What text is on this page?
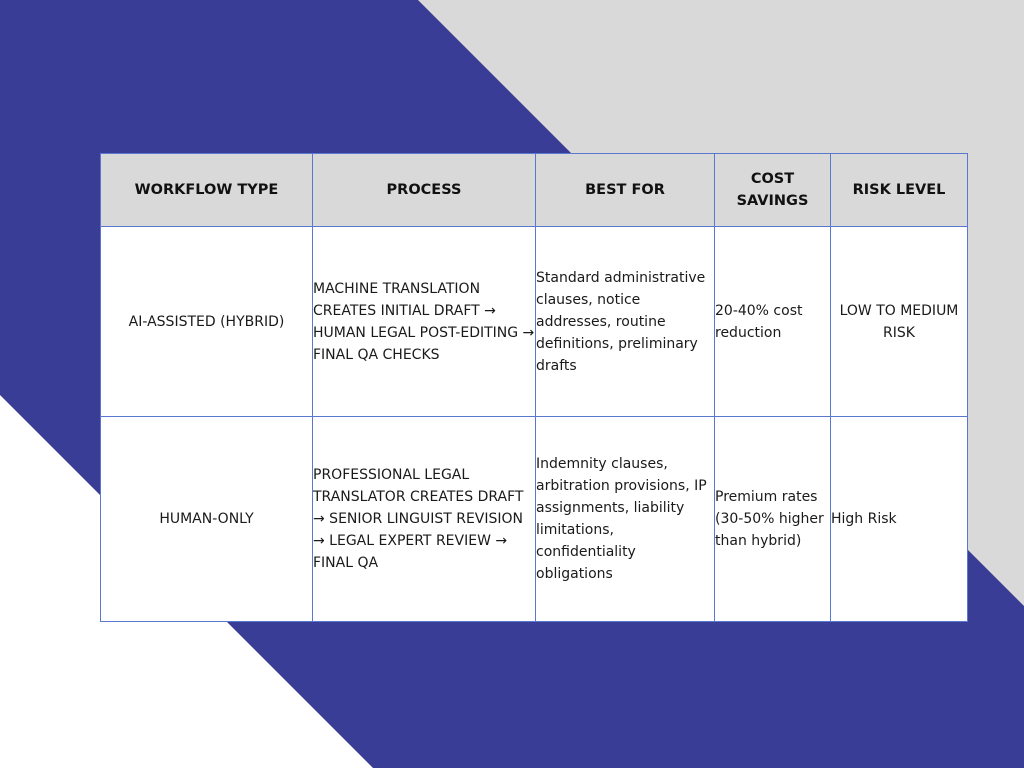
WORKFLOW TYPE	PROCESS	BEST FOR	COST SAVINGS	RISK LEVEL
AI-ASSISTED (HYBRID)	MACHINE TRANSLATION CREATES INITIAL DRAFT → HUMAN LEGAL POST-EDITING → FINAL QA CHECKS	Standard administrative clauses, notice addresses, routine definitions, preliminary drafts	20-40% cost reduction	LOW TO MEDIUM RISK
HUMAN-ONLY	PROFESSIONAL LEGAL TRANSLATOR CREATES DRAFT → SENIOR LINGUIST REVISION → LEGAL EXPERT REVIEW → FINAL QA	Indemnity clauses, arbitration provisions, IP assignments, liability limitations, confidentiality obligations	Premium rates (30-50% higher than hybrid)	High Risk
